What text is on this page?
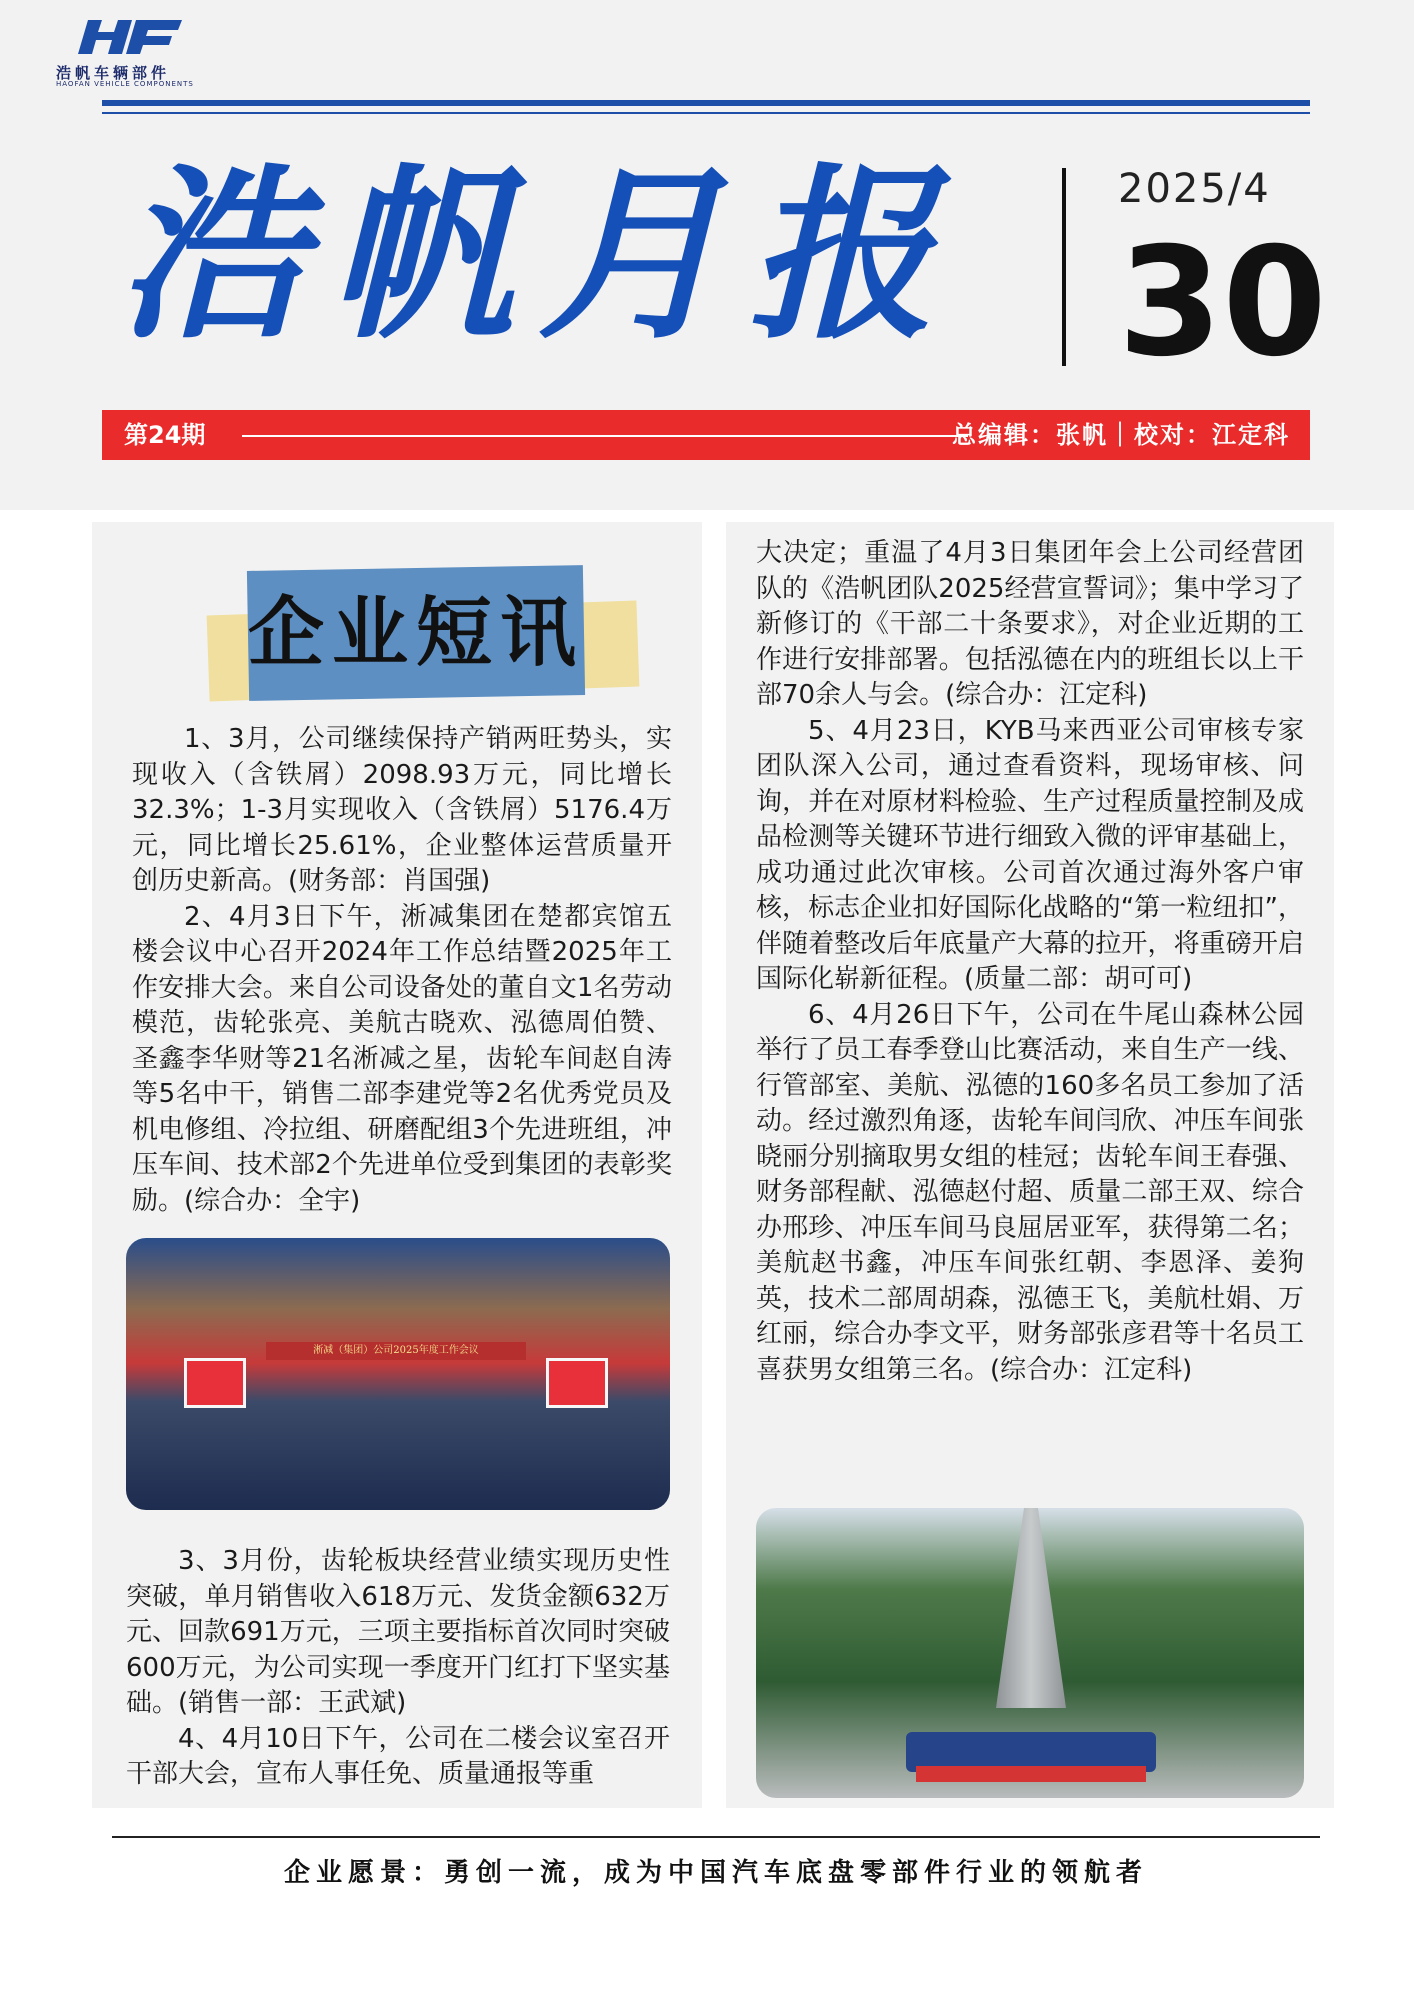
浩帆车辆部件
HAOFAN VEHICLE COMPONENTS
浩帆月报	2025/4
30
第24期	总编辑：张帆｜校对：江定科
企业短讯

1、3月，公司继续保持产销两旺势头，实现收入（含铁屑）2098.93万元，同比增长32.3%；1-3月实现收入（含铁屑）5176.4万元，同比增长25.61%，企业整体运营质量开创历史新高。(财务部：肖国强)

2、4月3日下午，淅减集团在楚都宾馆五楼会议中心召开2024年工作总结暨2025年工作安排大会。来自公司设备处的董自文1名劳动模范，齿轮张亮、美航古晓欢、泓德周伯赞、圣鑫李华财等21名淅减之星，齿轮车间赵自涛等5名中干，销售二部李建党等2名优秀党员及机电修组、冷拉组、研磨配组3个先进班组，冲压车间、技术部2个先进单位受到集团的表彰奖励。(综合办：全宇)

淅减（集团）公司2025年度工作会议

3、3月份，齿轮板块经营业绩实现历史性突破，单月销售收入618万元、发货金额632万元、回款691万元，三项主要指标首次同时突破600万元，为公司实现一季度开门红打下坚实基础。(销售一部：王武斌)

4、4月10日下午，公司在二楼会议室召开干部大会，宣布人事任免、质量通报等重

大决定；重温了4月3日集团年会上公司经营团队的《浩帆团队2025经营宣誓词》；集中学习了新修订的《干部二十条要求》，对企业近期的工作进行安排部署。包括泓德在内的班组长以上干部70余人与会。(综合办：江定科)

5、4月23日，KYB马来西亚公司审核专家团队深入公司，通过查看资料，现场审核、问询，并在对原材料检验、生产过程质量控制及成品检测等关键环节进行细致入微的评审基础上，成功通过此次审核。公司首次通过海外客户审核，标志企业扣好国际化战略的“第一粒纽扣”，伴随着整改后年底量产大幕的拉开，将重磅开启国际化崭新征程。(质量二部：胡可可)

6、4月26日下午，公司在牛尾山森林公园举行了员工春季登山比赛活动，来自生产一线、行管部室、美航、泓德的160多名员工参加了活动。经过激烈角逐，齿轮车间闫欣、冲压车间张晓丽分别摘取男女组的桂冠；齿轮车间王春强、财务部程献、泓德赵付超、质量二部王双、综合办邢珍、冲压车间马良屈居亚军，获得第二名；美航赵书鑫，冲压车间张红朝、李恩泽、姜狗英，技术二部周胡森，泓德王飞，美航杜娟、万红丽，综合办李文平，财务部张彦君等十名员工喜获男女组第三名。(综合办：江定科)

企业愿景：勇创一流，成为中国汽车底盘零部件行业的领航者
